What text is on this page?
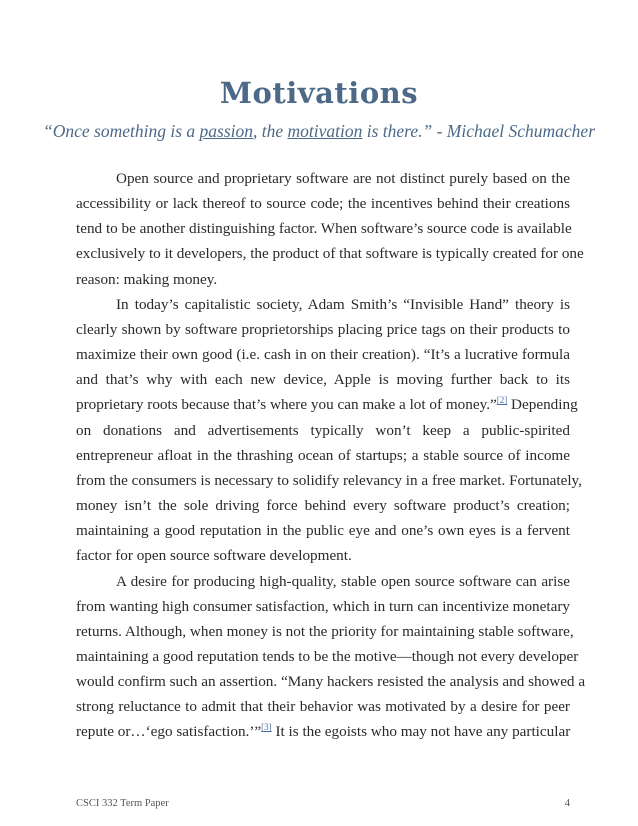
Motivations
“Once something is a passion, the motivation is there.” - Michael Schumacher

Open source and proprietary software are not distinct purely based on the
accessibility or lack thereof to source code; the incentives behind their creations
tend to be another distinguishing factor. When software’s source code is available
exclusively to it developers, the product of that software is typically created for one
reason: making money.

In today’s capitalistic society, Adam Smith’s “Invisible Hand” theory is
clearly shown by software proprietorships placing price tags on their products to
maximize their own good (i.e. cash in on their creation). “It’s a lucrative formula
and that’s why with each new device, Apple is moving further back to its
proprietary roots because that’s where you can make a lot of money.”[2] Depending
on donations and advertisements typically won’t keep a public-spirited
entrepreneur afloat in the thrashing ocean of startups; a stable source of income
from the consumers is necessary to solidify relevancy in a free market. Fortunately,
money isn’t the sole driving force behind every software product’s creation;
maintaining a good reputation in the public eye and one’s own eyes is a fervent
factor for open source software development.

A desire for producing high-quality, stable open source software can arise
from wanting high consumer satisfaction, which in turn can incentivize monetary
returns. Although, when money is not the priority for maintaining stable software,
maintaining a good reputation tends to be the motive—though not every developer
would confirm such an assertion. “Many hackers resisted the analysis and showed a
strong reluctance to admit that their behavior was motivated by a desire for peer
repute or…‘ego satisfaction.’”[3] It is the egoists who may not have any particular

CSCI 332 Term Paper	4
